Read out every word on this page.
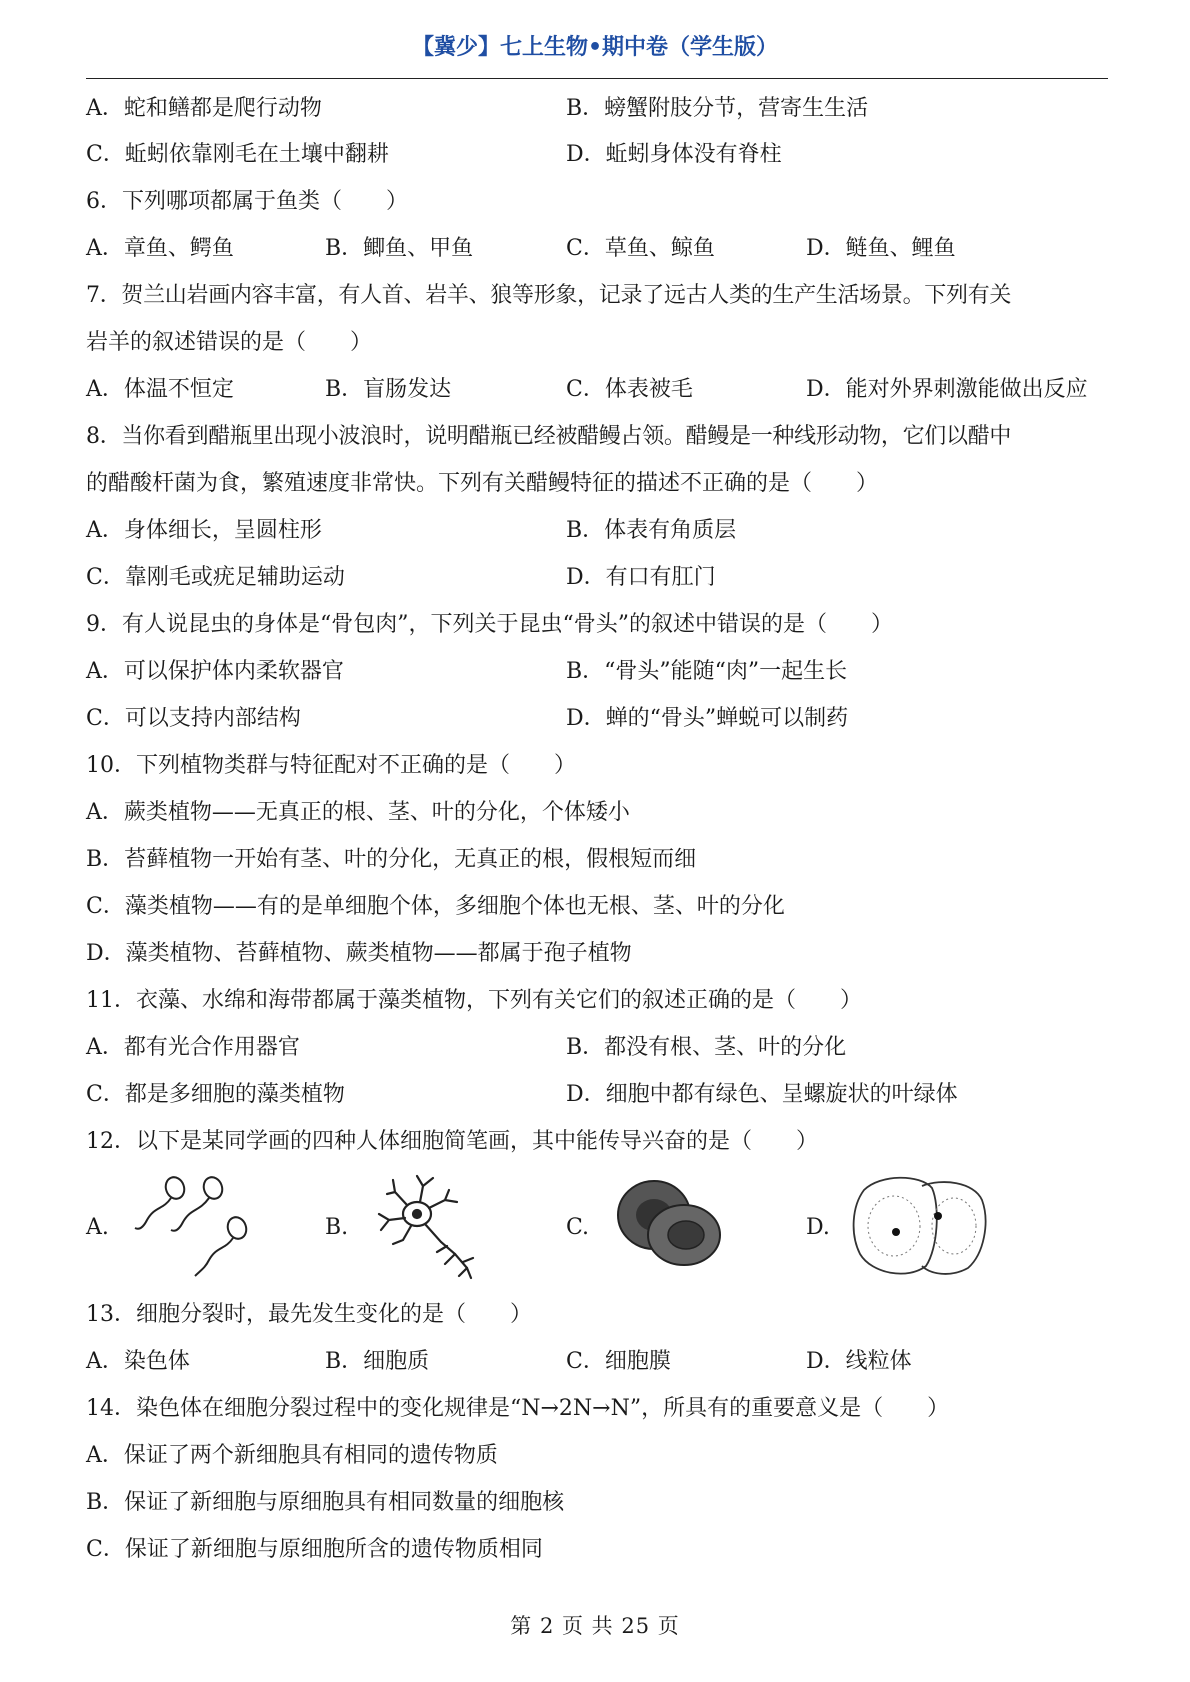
【冀少】七上生物•期中卷（学生版）
A．蛇和鳝都是爬行动物	B．螃蟹附肢分节，营寄生生活
C．蚯蚓依靠刚毛在土壤中翻耕	D．蚯蚓身体没有脊柱
6．下列哪项都属于鱼类（　　）
A．章鱼、鳄鱼	B．鲫鱼、甲鱼	C．草鱼、鲸鱼	D．鲢鱼、鲤鱼
7．贺兰山岩画内容丰富，有人首、岩羊、狼等形象，记录了远古人类的生产生活场景。下列有关
岩羊的叙述错误的是（　　）
A．体温不恒定	B．盲肠发达	C．体表被毛	D．能对外界刺激能做出反应
8．当你看到醋瓶里出现小波浪时，说明醋瓶已经被醋鳗占领。醋鳗是一种线形动物，它们以醋中
的醋酸杆菌为食，繁殖速度非常快。下列有关醋鳗特征的描述不正确的是（　　）
A．身体细长，呈圆柱形	B．体表有角质层
C．靠刚毛或疣足辅助运动	D．有口有肛门
9．有人说昆虫的身体是“骨包肉”，下列关于昆虫“骨头”的叙述中错误的是（　　）
A．可以保护体内柔软器官	B．“骨头”能随“肉”一起生长
C．可以支持内部结构	D．蝉的“骨头”蝉蜕可以制药
10．下列植物类群与特征配对不正确的是（　　）
A．蕨类植物——无真正的根、茎、叶的分化，个体矮小
B．苔藓植物一开始有茎、叶的分化，无真正的根，假根短而细
C．藻类植物——有的是单细胞个体，多细胞个体也无根、茎、叶的分化
D．藻类植物、苔藓植物、蕨类植物——都属于孢子植物
11．衣藻、水绵和海带都属于藻类植物，下列有关它们的叙述正确的是（　　）
A．都有光合作用器官	B．都没有根、茎、叶的分化
C．都是多细胞的藻类植物	D．细胞中都有绿色、呈螺旋状的叶绿体
12．以下是某同学画的四种人体细胞简笔画，其中能传导兴奋的是（　　）
A.	B.	C.	D.
13．细胞分裂时，最先发生变化的是（　　）
A．染色体	B．细胞质	C．细胞膜	D．线粒体
14．染色体在细胞分裂过程中的变化规律是“N→2N→N”，所具有的重要意义是（　　）
A．保证了两个新细胞具有相同的遗传物质
B．保证了新细胞与原细胞具有相同数量的细胞核
C．保证了新细胞与原细胞所含的遗传物质相同
第 2 页 共 25 页
